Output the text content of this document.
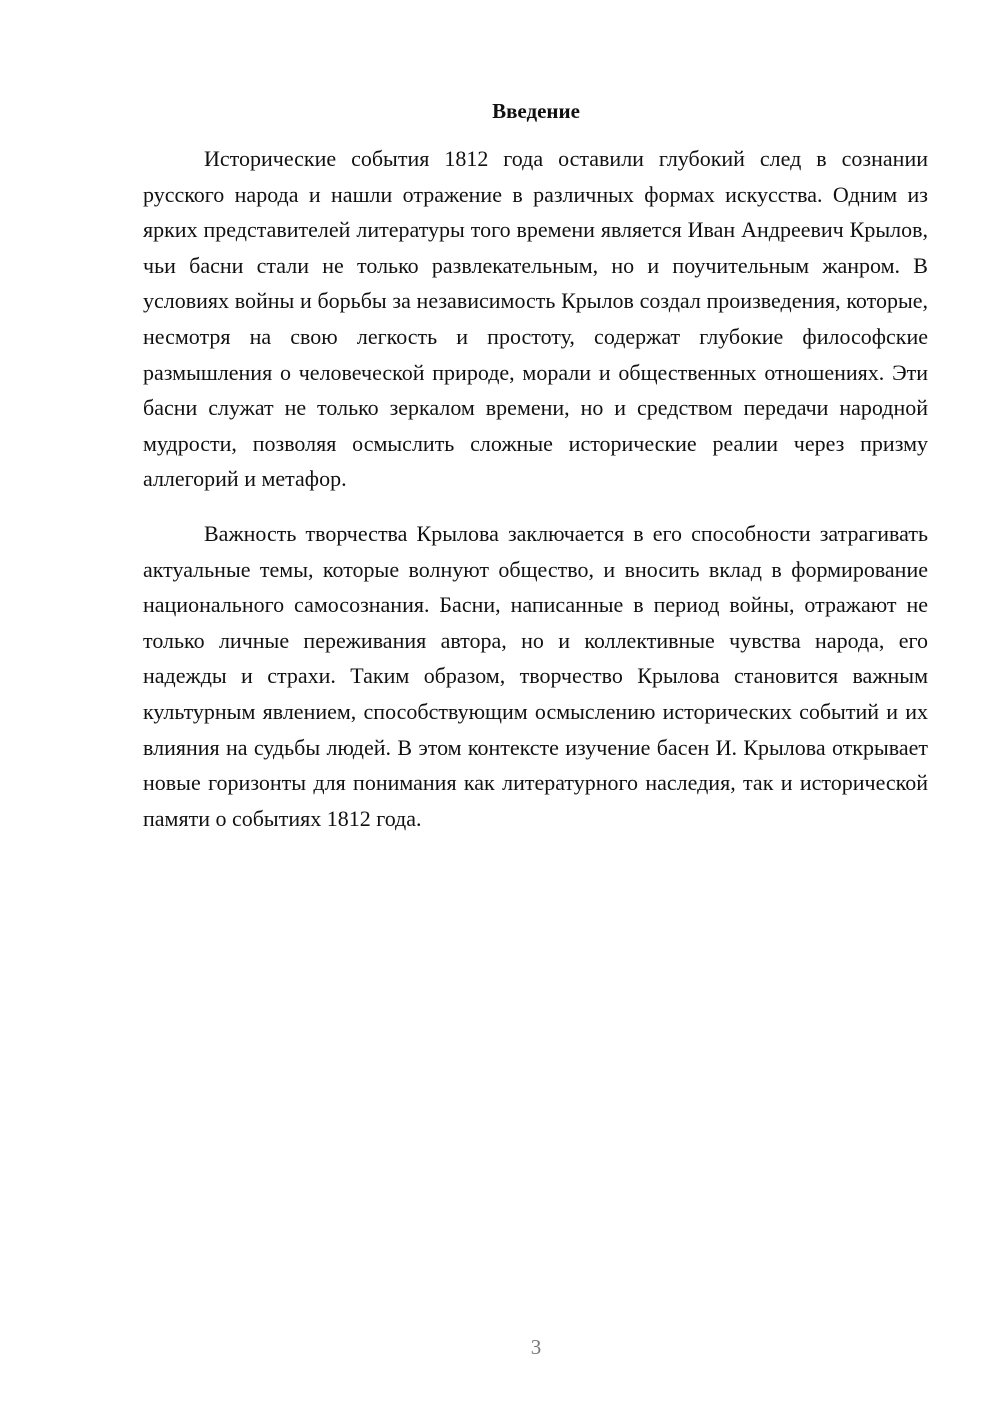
Введение

Исторические события 1812 года оставили глубокий след в сознании русского народа и нашли отражение в различных формах искусства. Одним из ярких представителей литературы того времени является Иван Андреевич Крылов, чьи басни стали не только развлекательным, но и поучительным жанром. В условиях войны и борьбы за независимость Крылов создал произведения, которые, несмотря на свою легкость и простоту, содержат глубокие философские размышления о человеческой природе, морали и общественных отношениях. Эти басни служат не только зеркалом времени, но и средством передачи народной мудрости, позволяя осмыслить сложные исторические реалии через призму аллегорий и метафор.

Важность творчества Крылова заключается в его способности затрагивать актуальные темы, которые волнуют общество, и вносить вклад в формирование национального самосознания. Басни, написанные в период войны, отражают не только личные переживания автора, но и коллективные чувства народа, его надежды и страхи. Таким образом, творчество Крылова становится важным культурным явлением, способствующим осмыслению исторических событий и их влияния на судьбы людей. В этом контексте изучение басен И. Крылова открывает новые горизонты для понимания как литературного наследия, так и исторической памяти о событиях 1812 года.

3
